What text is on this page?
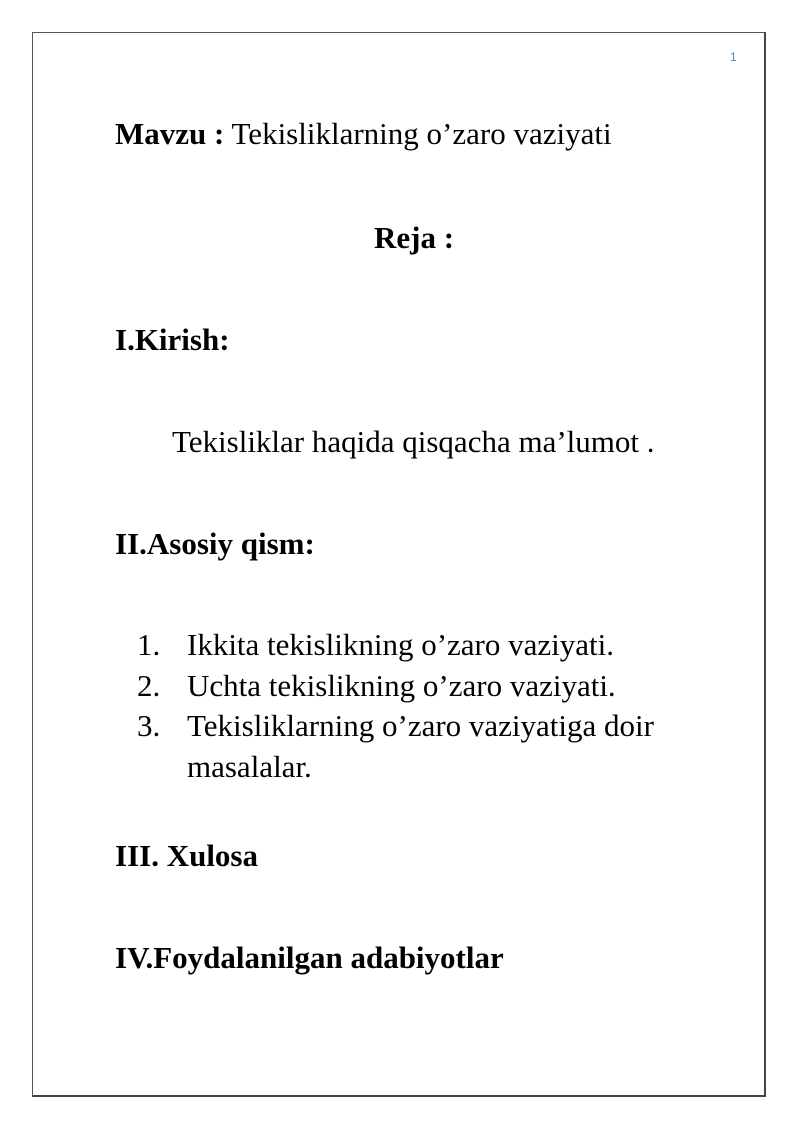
1
Mavzu : Tekisliklarning o’zaro vaziyati
Reja :
I.Kirish:
Tekisliklar haqida qisqacha ma’lumot .
II.Asosiy qism:
1. Ikkita tekislikning o’zaro vaziyati.
2. Uchta tekislikning o’zaro vaziyati.
3. Tekisliklarning o’zaro vaziyatiga doir masalalar.
III. Xulosa
IV.Foydalanilgan adabiyotlar
